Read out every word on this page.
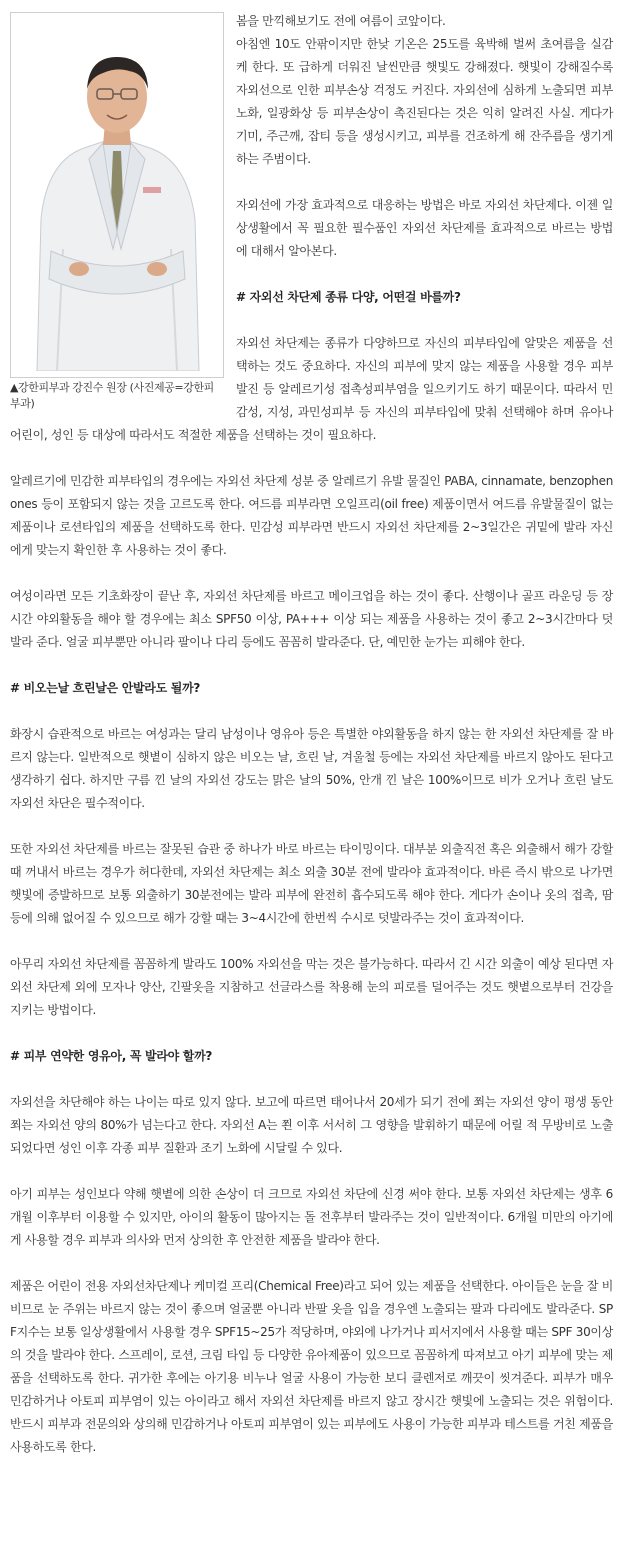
▲강한피부과 강진수 원장 (사진제공=강한피부과)

봄을 만끽해보기도 전에 여름이 코앞이다.

아침엔 10도 안팎이지만 한낮 기온은 25도를 육박해 벌써 초여름을 실감케 한다. 또 급하게 더워진 날씬만큼 햇빛도 강해졌다. 햇빛이 강해질수록 자외선으로 인한 피부손상 걱정도 커진다. 자외선에 심하게 노출되면 피부노화, 일광화상 등 피부손상이 촉진된다는 것은 익히 알려진 사실. 게다가 기미, 주근깨, 잡티 등을 생성시키고, 피부를 건조하게 해 잔주름을 생기게 하는 주범이다.

자외선에 가장 효과적으로 대응하는 방법은 바로 자외선 차단제다. 이젠 일상생활에서 꼭 필요한 필수품인 자외선 차단제를 효과적으로 바르는 방법에 대해서 알아본다.

# 자외선 차단제 종류 다양, 어떤걸 바를까?

자외선 차단제는 종류가 다양하므로 자신의 피부타입에 알맞은 제품을 선택하는 것도 중요하다. 자신의 피부에 맞지 않는 제품을 사용할 경우 피부발진 등 알레르기성 접촉성피부염을 일으키기도 하기 때문이다. 따라서 민감성, 지성, 과민성피부 등 자신의 피부타입에 맞춰 선택해야 하며 유아나 어린이, 성인 등 대상에 따라서도 적절한 제품을 선택하는 것이 필요하다.

알레르기에 민감한 피부타입의 경우에는 자외선 차단제 성분 중 알레르기 유발 물질인 PABA, cinnamate, benzophenones 등이 포함되지 않는 것을 고르도록 한다. 여드름 피부라면 오일프리(oil free) 제품이면서 여드름 유발물질이 없는 제품이나 로션타입의 제품을 선택하도록 한다. 민감성 피부라면 반드시 자외선 차단제를 2~3일간은 귀밑에 발라 자신에게 맞는지 확인한 후 사용하는 것이 좋다.

여성이라면 모든 기초화장이 끝난 후, 자외선 차단제를 바르고 메이크업을 하는 것이 좋다. 산행이나 골프 라운딩 등 장시간 야외활동을 해야 할 경우에는 최소 SPF50 이상, PA+++ 이상 되는 제품을 사용하는 것이 좋고 2~3시간마다 덧발라 준다. 얼굴 피부뿐만 아니라 팔이나 다리 등에도 꼼꼼히 발라준다. 단, 예민한 눈가는 피해야 한다.

# 비오는날 흐린날은 안발라도 될까?

화장시 습관적으로 바르는 여성과는 달리 남성이나 영유아 등은 특별한 야외활동을 하지 않는 한 자외선 차단제를 잘 바르지 않는다. 일반적으로 햇볕이 심하지 않은 비오는 날, 흐린 날, 겨울철 등에는 자외선 차단제를 바르지 않아도 된다고 생각하기 쉽다. 하지만 구름 낀 날의 자외선 강도는 맑은 날의 50%, 안개 낀 날은 100%이므로 비가 오거나 흐린 날도 자외선 차단은 필수적이다.

또한 자외선 차단제를 바르는 잘못된 습관 중 하나가 바로 바르는 타이밍이다. 대부분 외출직전 혹은 외출해서 해가 강할 때 꺼내서 바르는 경우가 허다한데, 자외선 차단제는 최소 외출 30분 전에 발라야 효과적이다. 바른 즉시 밖으로 나가면 햇빛에 증발하므로 보통 외출하기 30분전에는 발라 피부에 완전히 흡수되도록 해야 한다. 게다가 손이나 옷의 접촉, 땀 등에 의해 없어질 수 있으므로 해가 강할 때는 3~4시간에 한번씩 수시로 덧발라주는 것이 효과적이다.

아무리 자외선 차단제를 꼼꼼하게 발라도 100% 자외선을 막는 것은 불가능하다. 따라서 긴 시간 외출이 예상 된다면 자외선 차단제 외에 모자나 양산, 긴팔옷을 지참하고 선글라스를 착용해 눈의 피로를 덜어주는 것도 햇볕으로부터 건강을 지키는 방법이다.

# 피부 연약한 영유아, 꼭 발라야 할까?

자외선을 차단해야 하는 나이는 따로 있지 않다. 보고에 따르면 태어나서 20세가 되기 전에 쬐는 자외선 양이 평생 동안 쬐는 자외선 양의 80%가 넘는다고 한다. 자외선 A는 쬔 이후 서서히 그 영향을 발휘하기 때문에 어릴 적 무방비로 노출되었다면 성인 이후 각종 피부 질환과 조기 노화에 시달릴 수 있다.

아기 피부는 성인보다 약해 햇볕에 의한 손상이 더 크므로 자외선 차단에 신경 써야 한다. 보통 자외선 차단제는 생후 6개월 이후부터 이용할 수 있지만, 아이의 활동이 많아지는 돌 전후부터 발라주는 것이 일반적이다. 6개월 미만의 아기에게 사용할 경우 피부과 의사와 먼저 상의한 후 안전한 제품을 발라야 한다.

제품은 어린이 전용 자외선차단제나 케미컬 프리(Chemical Free)라고 되어 있는 제품을 선택한다. 아이들은 눈을 잘 비비므로 눈 주위는 바르지 않는 것이 좋으며 얼굴뿐 아니라 반팔 옷을 입을 경우엔 노출되는 팔과 다리에도 발라준다. SPF지수는 보통 일상생활에서 사용할 경우 SPF15~25가 적당하며, 야외에 나가거나 피서지에서 사용할 때는 SPF 30이상의 것을 발라야 한다. 스프레이, 로션, 크림 타입 등 다양한 유아제품이 있으므로 꼼꼼하게 따져보고 아기 피부에 맞는 제품을 선택하도록 한다. 귀가한 후에는 아기용 비누나 얼굴 사용이 가능한 보디 클렌저로 깨끗이 씻겨준다. 피부가 매우 민감하거나 아토피 피부염이 있는 아이라고 해서 자외선 차단제를 바르지 않고 장시간 햇빛에 노출되는 것은 위험이다. 반드시 피부과 전문의와 상의해 민감하거나 아토피 피부염이 있는 피부에도 사용이 가능한 피부과 테스트를 거친 제품을 사용하도록 한다.
